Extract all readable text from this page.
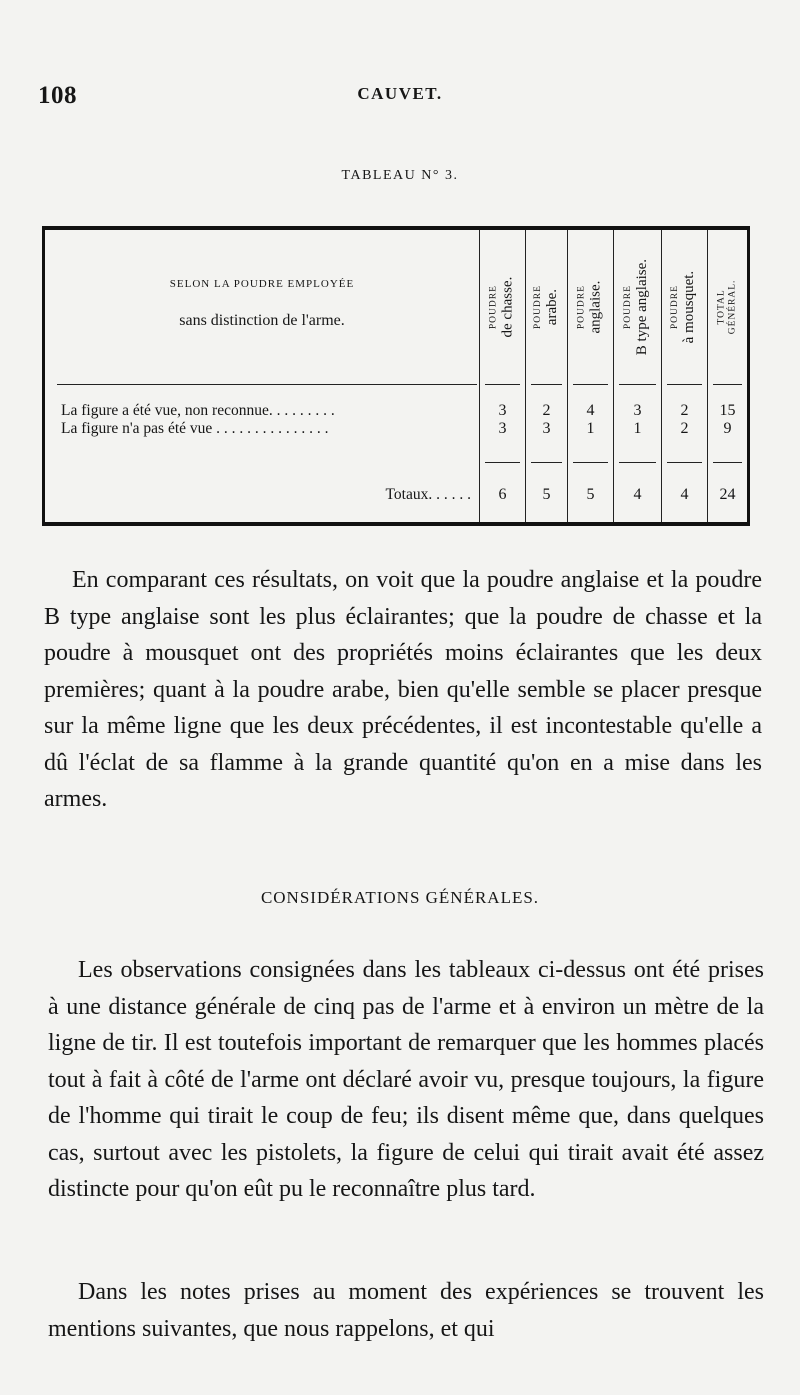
108	CAUVET.
TABLEAU N° 3.
SELON LA POUDRE EMPLOYÉE
sans distinction de l'arme.
La figure a été vue, non reconnue. . . . . . . . .
La figure n'a pas été vue . . . . . . . . . . . . . . .
Totaux. . . . . .
POUDRE de chasse.
3
3
6
POUDRE arabe.
2
3
5
POUDRE anglaise.
4
1
5
POUDRE B type anglaise.
3
1
4
POUDRE à mousquet.
2
2
4
TOTAL GÉNÉRAL.
15
9
24
En comparant ces résultats, on voit que la poudre anglaise et la poudre B type anglaise sont les plus éclairantes; que la poudre de chasse et la poudre à mousquet ont des propriétés moins éclairantes que les deux premières; quant à la poudre arabe, bien qu'elle semble se placer presque sur la même ligne que les deux précédentes, il est incontestable qu'elle a dû l'éclat de sa flamme à la grande quantité qu'on en a mise dans les armes.
CONSIDÉRATIONS GÉNÉRALES.
Les observations consignées dans les tableaux ci-dessus ont été prises à une distance générale de cinq pas de l'arme et à environ un mètre de la ligne de tir. Il est toutefois important de remarquer que les hommes placés tout à fait à côté de l'arme ont déclaré avoir vu, presque toujours, la figure de l'homme qui tirait le coup de feu; ils disent même que, dans quelques cas, surtout avec les pistolets, la figure de celui qui tirait avait été assez distincte pour qu'on eût pu le reconnaître plus tard.
Dans les notes prises au moment des expériences se trouvent les mentions suivantes, que nous rappelons, et qui
